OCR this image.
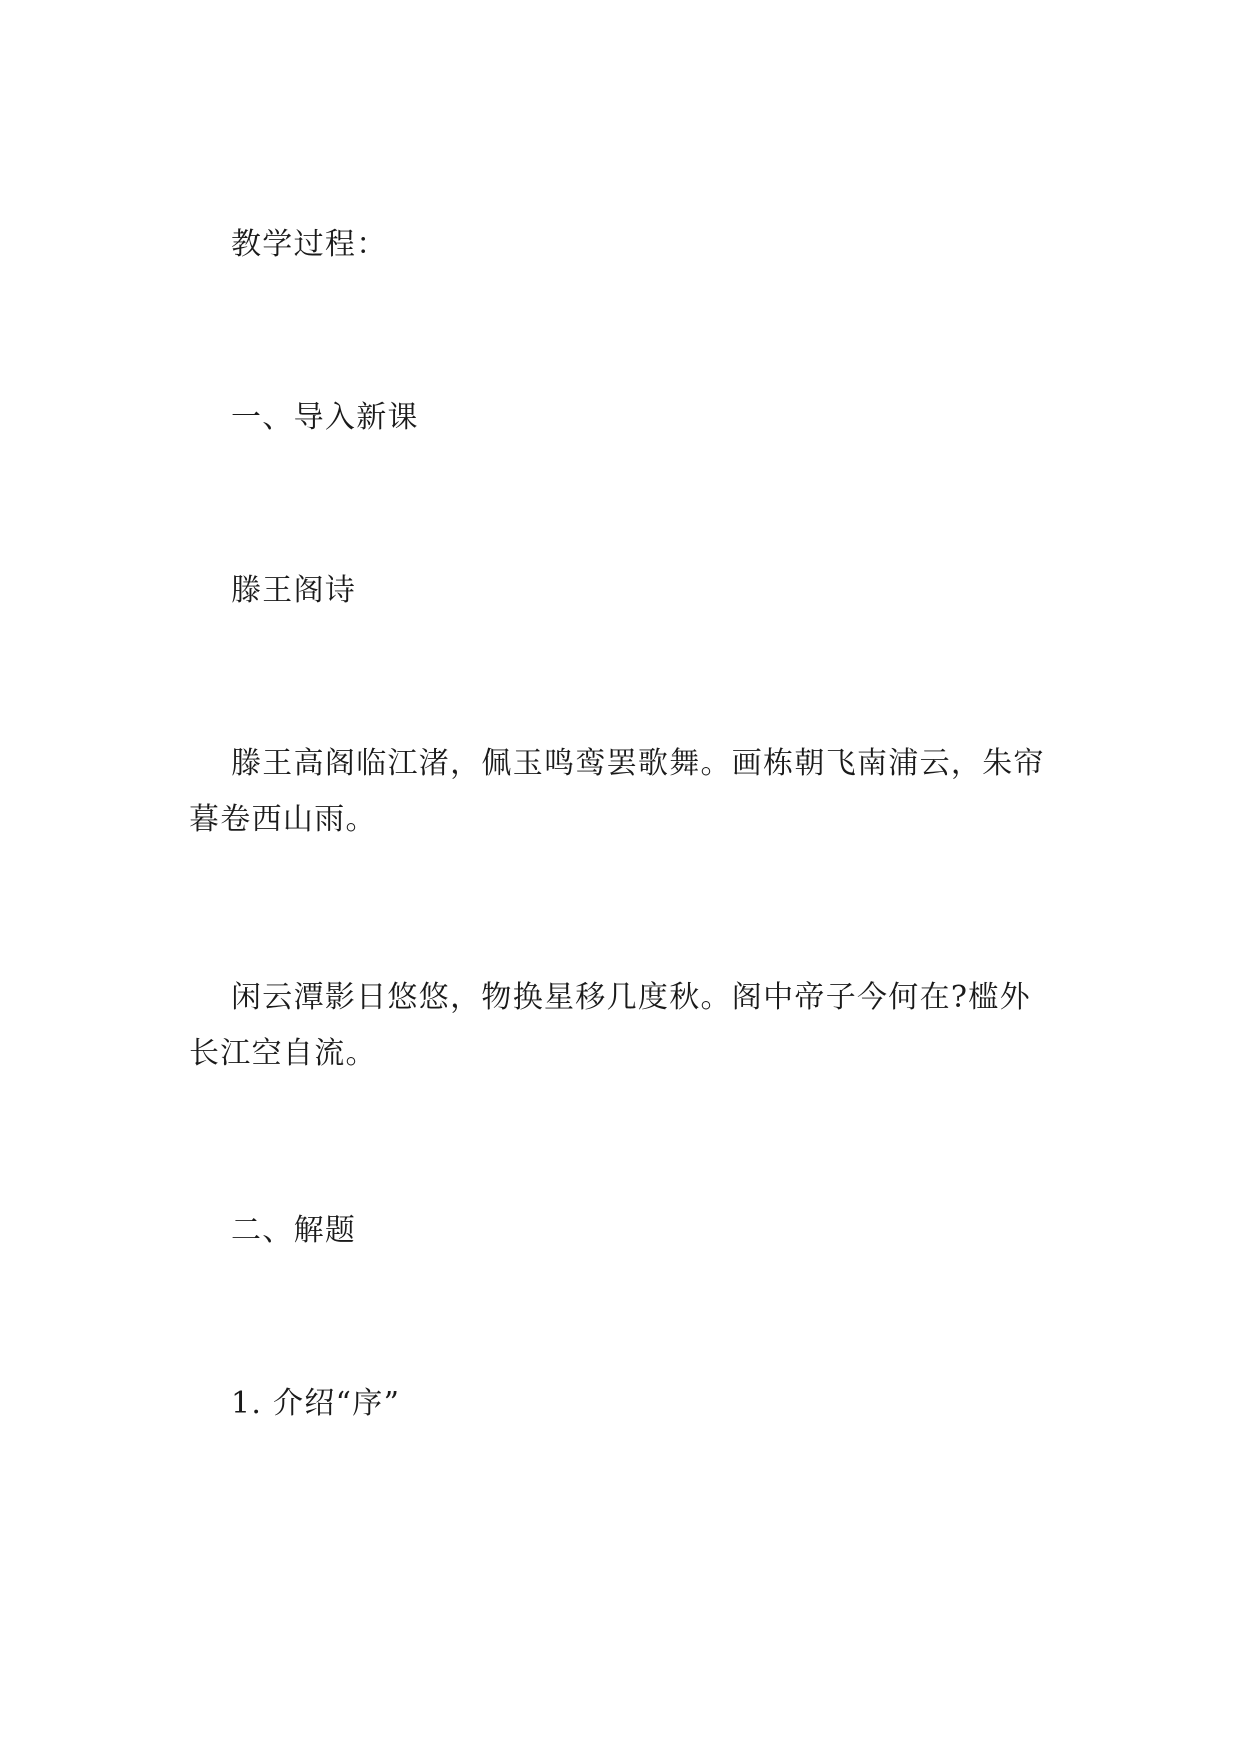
教学过程：

一、导入新课

滕王阁诗

滕王高阁临江渚，佩玉鸣鸾罢歌舞。画栋朝飞南浦云，朱帘暮卷西山雨。

闲云潭影日悠悠，物换星移几度秋。阁中帝子今何在?槛外长江空自流。

二、解题

1. 介绍“序”
